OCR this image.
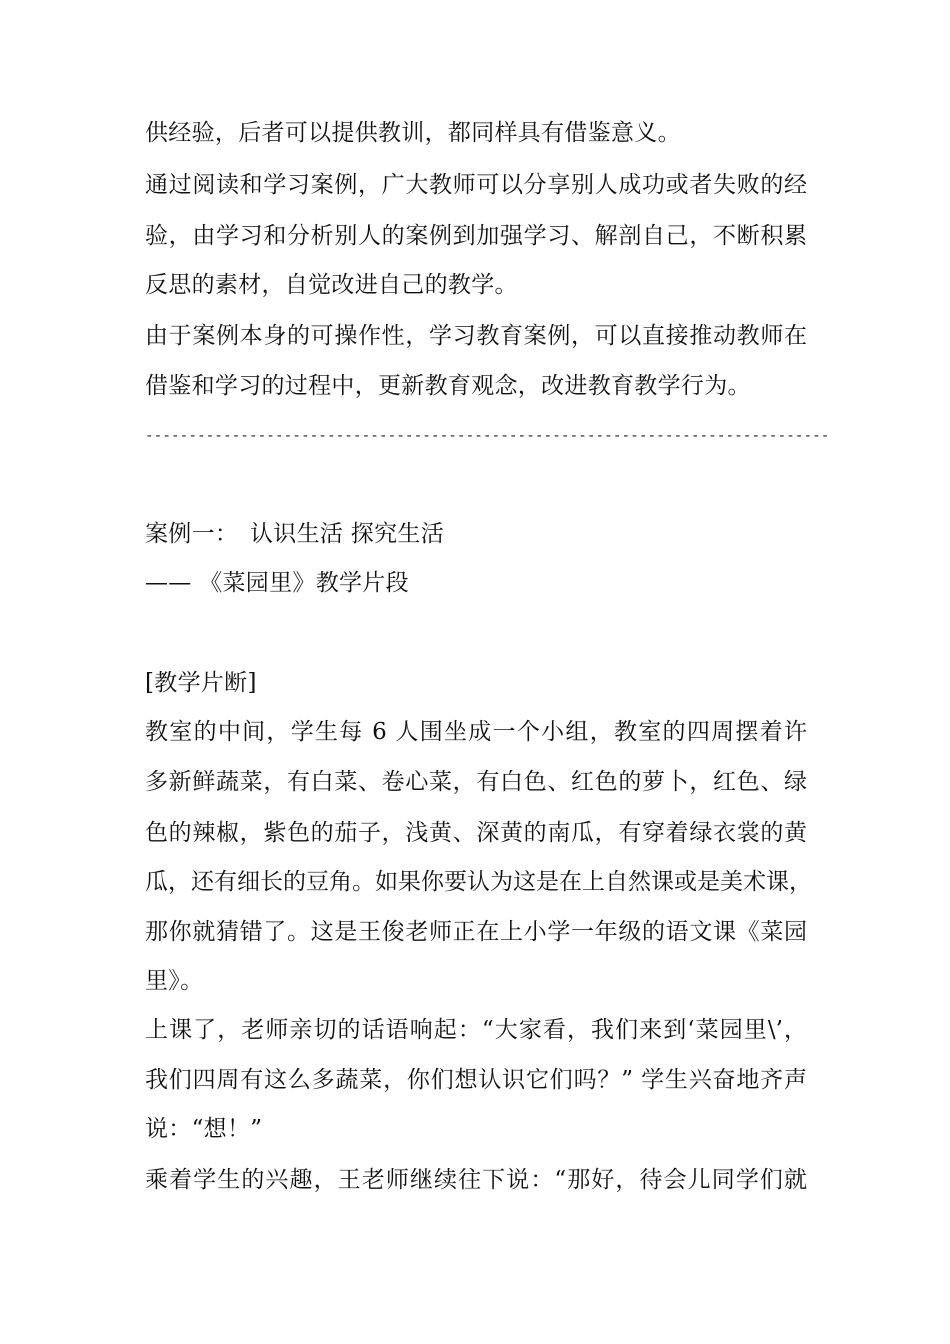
供经验，后者可以提供教训，都同样具有借鉴意义。
通过阅读和学习案例，广大教师可以分享别人成功或者失败的经
验，由学习和分析别人的案例到加强学习、解剖自己，不断积累
反思的素材，自觉改进自己的教学。
由于案例本身的可操作性，学习教育案例，可以直接推动教师在
借鉴和学习的过程中，更新教育观念，改进教育教学行为。
-------------------------------------------------------------------------------
案例一：　认识生活 探究生活
—— 《菜园里》教学片段
[教学片断]
教室的中间，学生每 6 人围坐成一个小组，教室的四周摆着许
多新鲜蔬菜，有白菜、卷心菜，有白色、红色的萝卜，红色、绿
色的辣椒，紫色的茄子，浅黄、深黄的南瓜，有穿着绿衣裳的黄
瓜，还有细长的豆角。如果你要认为这是在上自然课或是美术课，
那你就猜错了。这是王俊老师正在上小学一年级的语文课《菜园
里》。
上课了，老师亲切的话语响起：“大家看，我们来到‘菜园里\’，
我们四周有这么多蔬菜，你们想认识它们吗？” 学生兴奋地齐声
说：“想！”
乘着学生的兴趣，王老师继续往下说：“那好，待会儿同学们就
